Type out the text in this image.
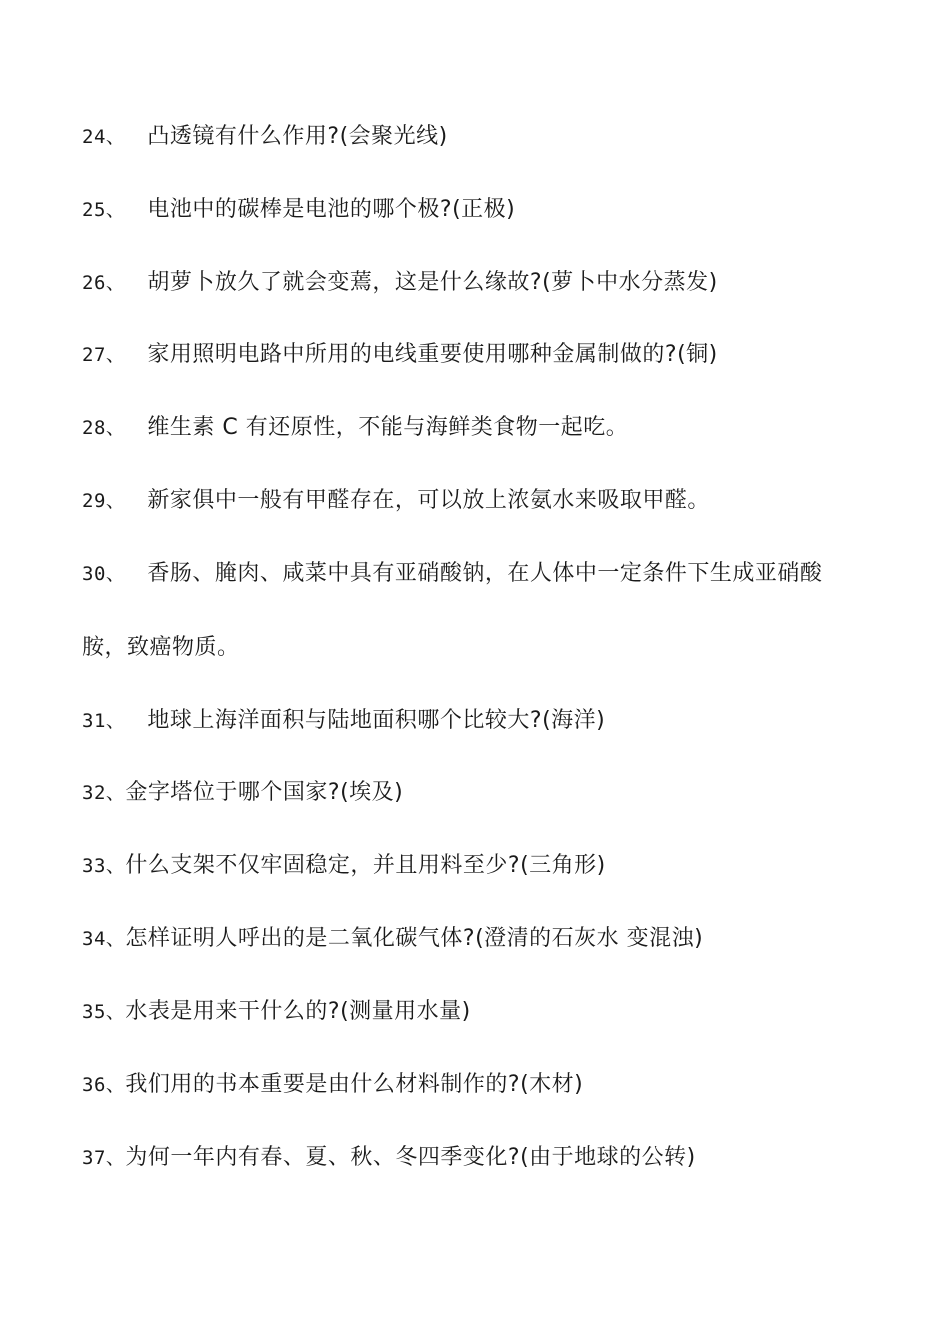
24、 凸透镜有什么作用?(会聚光线)
25、 电池中的碳棒是电池的哪个极?(正极)
26、 胡萝卜放久了就会变蔫，这是什么缘故?(萝卜中水分蒸发)
27、 家用照明电路中所用的电线重要使用哪种金属制做的?(铜)
28、 维生素 C 有还原性，不能与海鲜类食物一起吃。
29、 新家俱中一般有甲醛存在，可以放上浓氨水来吸取甲醛。
30、 香肠、腌肉、咸菜中具有亚硝酸钠，在人体中一定条件下生成亚硝酸
胺，致癌物质。
31、 地球上海洋面积与陆地面积哪个比较大?(海洋)
32、金字塔位于哪个国家?(埃及)
33、什么支架不仅牢固稳定，并且用料至少?(三角形)
34、怎样证明人呼出的是二氧化碳气体?(澄清的石灰水 变混浊)
35、水表是用来干什么的?(测量用水量)
36、我们用的书本重要是由什么材料制作的?(木材)
37、为何一年内有春、夏、秋、冬四季变化?(由于地球的公转)
